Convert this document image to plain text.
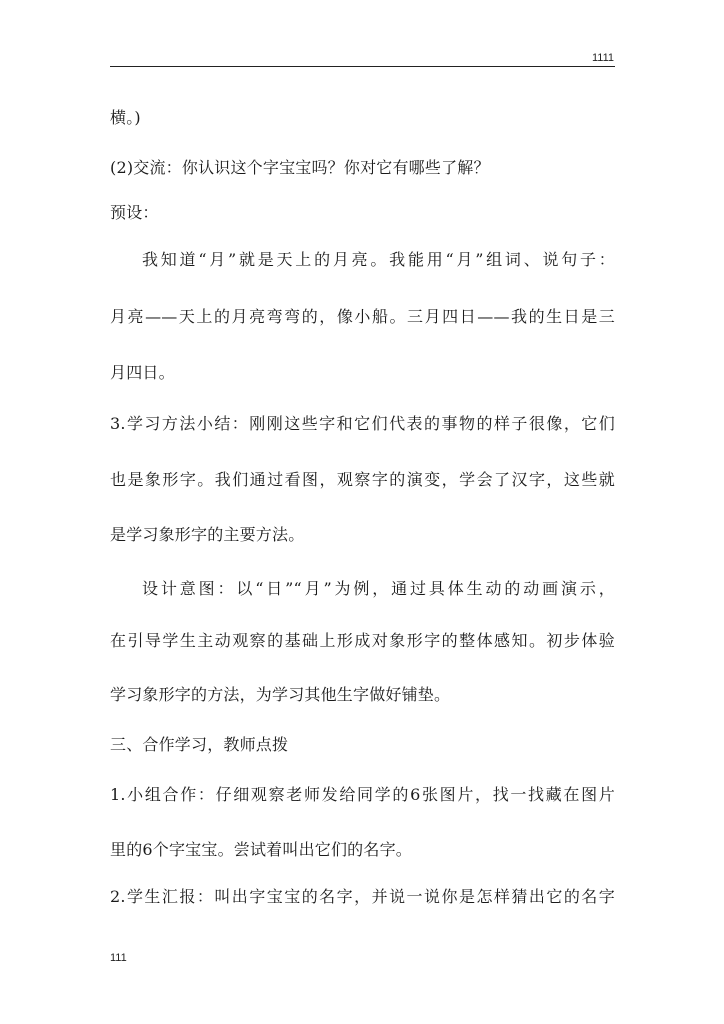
1111
横。)
(2)交流：你认识这个字宝宝吗？你对它有哪些了解？
预设：
我知道“月”就是天上的月亮。我能用“月”组词、说句子：
月亮——天上的月亮弯弯的，像小船。三月四日——我的生日是三
月四日。
3.学习方法小结：刚刚这些字和它们代表的事物的样子很像，它们
也是象形字。我们通过看图，观察字的演变，学会了汉字，这些就
是学习象形字的主要方法。
设计意图：以“日”“月”为例，通过具体生动的动画演示，
在引导学生主动观察的基础上形成对象形字的整体感知。初步体验
学习象形字的方法，为学习其他生字做好铺垫。
三、合作学习，教师点拨
1.小组合作：仔细观察老师发给同学的6张图片，找一找藏在图片
里的6个字宝宝。尝试着叫出它们的名字。
2.学生汇报：叫出字宝宝的名字，并说一说你是怎样猜出它的名字
111
